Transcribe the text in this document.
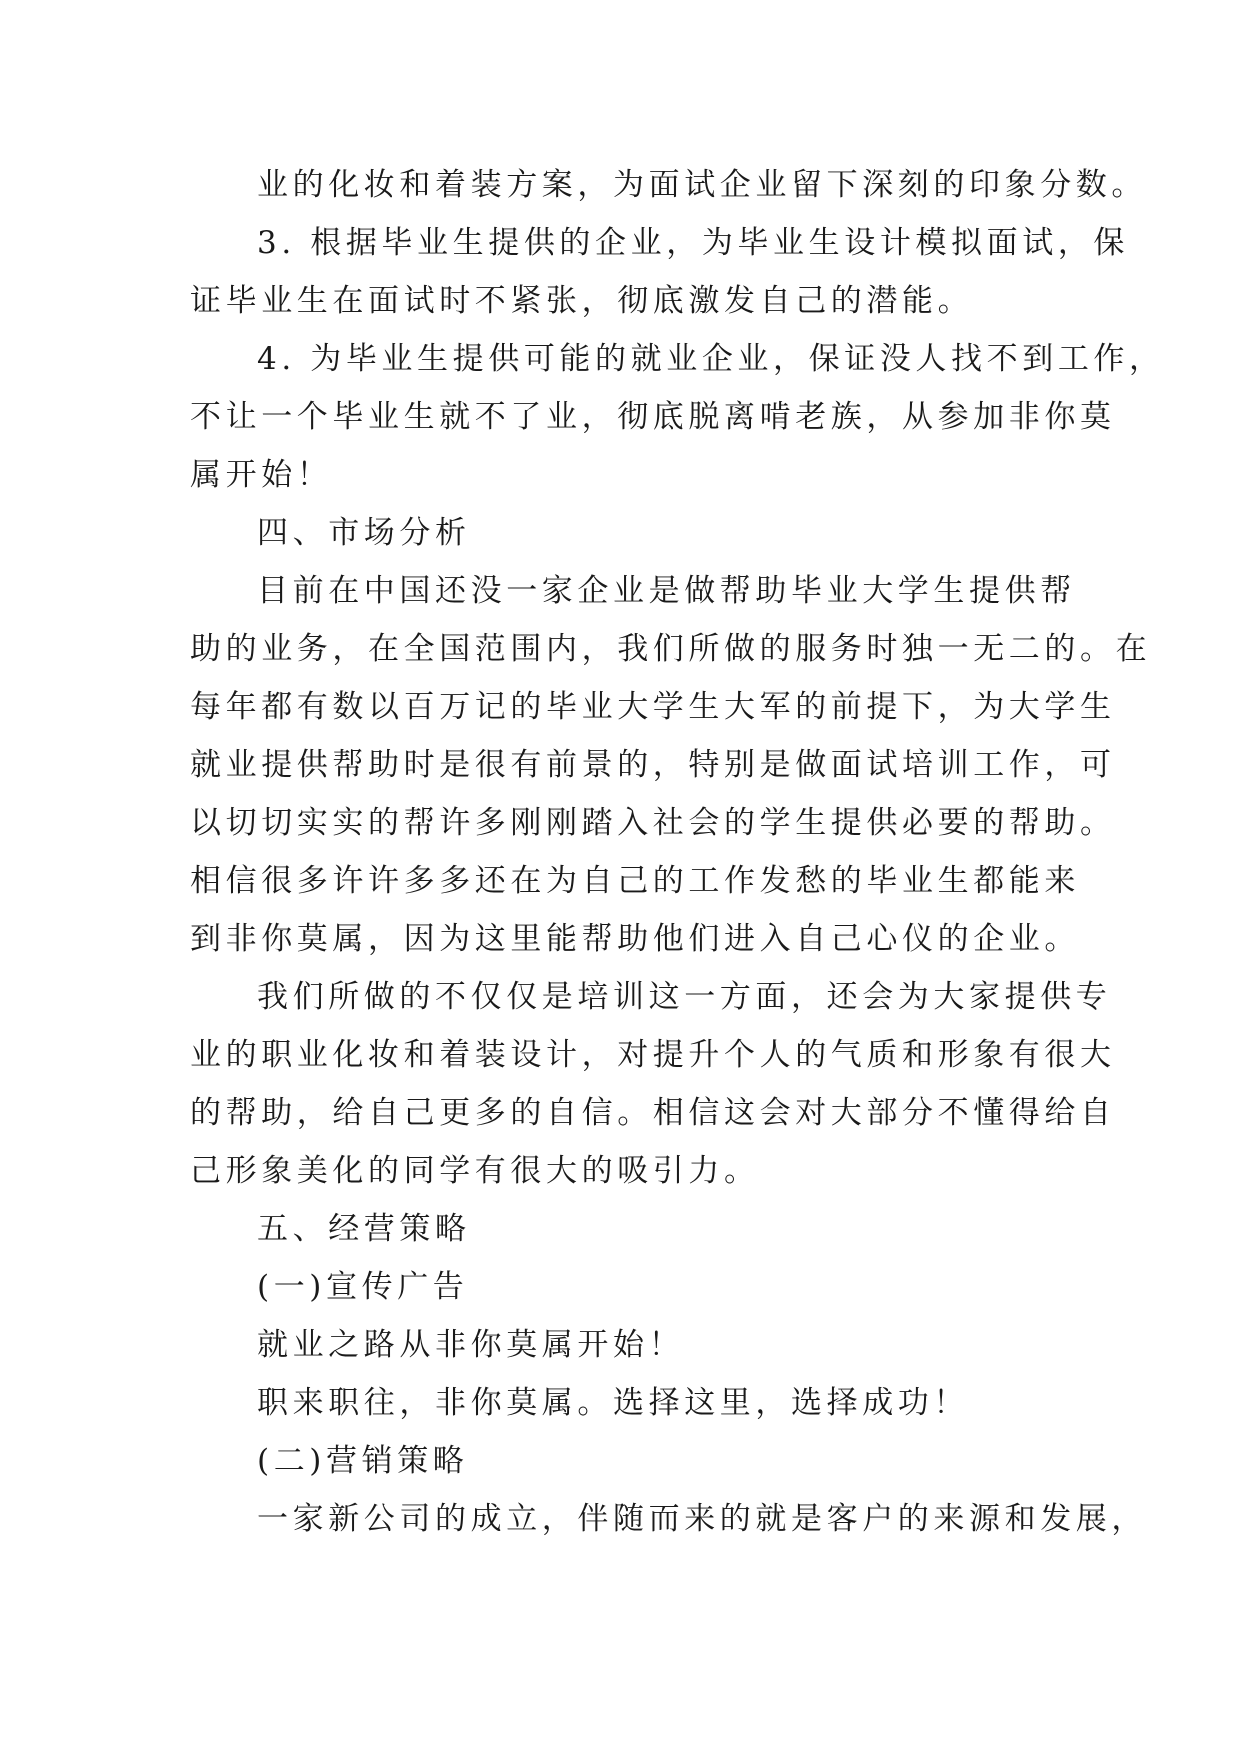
业的化妆和着装方案，为面试企业留下深刻的印象分数。
3. 根据毕业生提供的企业，为毕业生设计模拟面试，保
证毕业生在面试时不紧张，彻底激发自己的潜能。
4. 为毕业生提供可能的就业企业，保证没人找不到工作，
不让一个毕业生就不了业，彻底脱离啃老族，从参加非你莫
属开始！
四、市场分析
目前在中国还没一家企业是做帮助毕业大学生提供帮
助的业务，在全国范围内，我们所做的服务时独一无二的。在
每年都有数以百万记的毕业大学生大军的前提下，为大学生
就业提供帮助时是很有前景的，特别是做面试培训工作，可
以切切实实的帮许多刚刚踏入社会的学生提供必要的帮助。
相信很多许许多多还在为自己的工作发愁的毕业生都能来
到非你莫属，因为这里能帮助他们进入自己心仪的企业。
我们所做的不仅仅是培训这一方面，还会为大家提供专
业的职业化妆和着装设计，对提升个人的气质和形象有很大
的帮助，给自己更多的自信。相信这会对大部分不懂得给自
己形象美化的同学有很大的吸引力。
五、经营策略
(一)宣传广告
就业之路从非你莫属开始！
职来职往，非你莫属。选择这里，选择成功！
(二)营销策略
一家新公司的成立，伴随而来的就是客户的来源和发展，
